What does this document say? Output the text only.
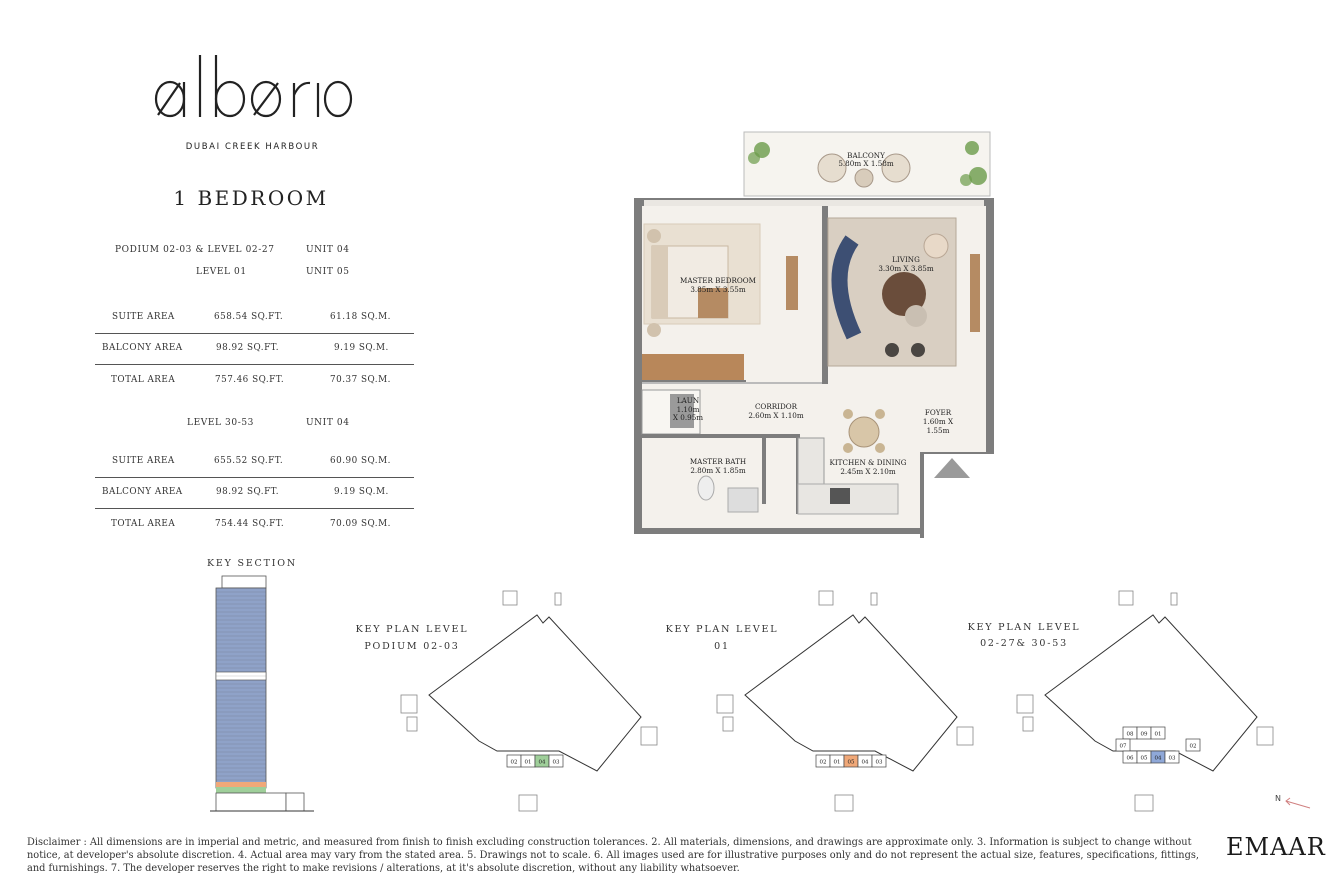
DUBAI CREEK HARBOUR
1 BEDROOM
PODIUM 02-03 & LEVEL 02-27	UNIT 04
LEVEL 01	UNIT 05
SUITE AREA	658.54 SQ.FT.	61.18 SQ.M.
BALCONY AREA	98.92 SQ.FT.	9.19 SQ.M.
TOTAL AREA	757.46 SQ.FT.	70.37 SQ.M.
LEVEL 30-53	UNIT 04
SUITE AREA	655.52 SQ.FT.	60.90 SQ.M.
BALCONY AREA	98.92 SQ.FT.	9.19 SQ.M.
TOTAL AREA	754.44 SQ.FT.	70.09 SQ.M.
BALCONY
5.80m X 1.58m
MASTER BEDROOM
3.85m X 3.55m
LIVING
3.30m X 3.85m
LAUN
1.10m
X 0.95m
CORRIDOR
2.60m X 1.10m	FOYER
1.60m X
1.55m
MASTER BATH
2.80m X 1.85m
KITCHEN & DINING
2.45m X 2.10m
KEY SECTION
KEY PLAN LEVEL
PODIUM 02-03
KEY PLAN LEVEL
01
KEY PLAN LEVEL
02-27& 30-53
02 01 04 03	02 01 05 04 03
08 09 01
07	02
06 05 04 03
N
Disclaimer : All dimensions are in imperial and metric, and measured from finish to finish excluding construction tolerances. 2. All materials, dimensions, and drawings are approximate only. 3. Information is subject to change without notice, at developer's absolute discretion. 4. Actual area may vary from the stated area. 5. Drawings not to scale. 6. All images used are for illustrative purposes only and do not represent the actual size, features, specifications, fittings, and furnishings. 7. The developer reserves the right to make revisions / alterations, at it's absolute discretion, without any liability whatsoever.
EMAAR
